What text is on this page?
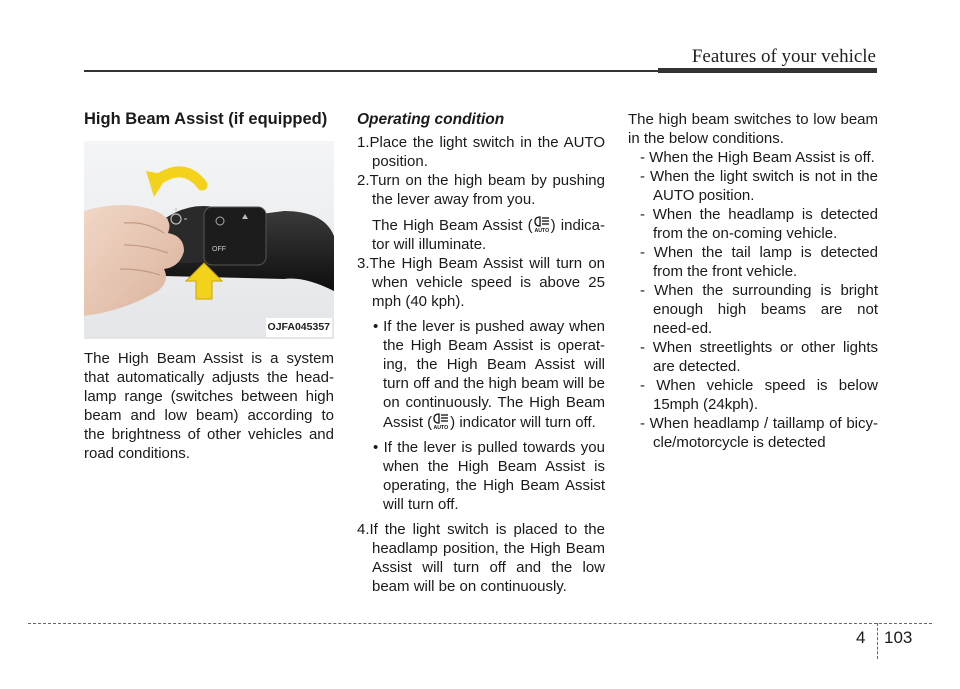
Features of your vehicle
High Beam Assist (if equipped)
OFF
OJFA045357

The High Beam Assist is a system that automatically adjusts the head-lamp range (switches between high beam and low beam) according to the brightness of other vehicles and road conditions.

Operating condition

1.Place the light switch in the AUTO position.

2.Turn on the high beam by pushing the lever away from you.

The High Beam Assist ( AUTO ) indica-tor will illuminate.

3.The High Beam Assist will turn on when vehicle speed is above 25 mph (40 kph).

• If the lever is pushed away when the High Beam Assist is operat-ing, the High Beam Assist will turn off and the high beam will be on continuously. The High Beam Assist ( AUTO ) indicator will turn off.

• If the lever is pulled towards you when the High Beam Assist is operating, the High Beam Assist will turn off.

4.If the light switch is placed to the headlamp position, the High Beam Assist will turn off and the low beam will be on continuously.

The high beam switches to low beam in the below conditions.

- When the High Beam Assist is off.

- When the light switch is not in the AUTO position.

- When the headlamp is detected from the on-coming vehicle.

- When the tail lamp is detected from the front vehicle.

- When the surrounding is bright enough high beams are not need-ed.

- When streetlights or other lights are detected.

- When vehicle speed is below 15mph (24kph).

- When headlamp / taillamp of bicy-cle/motorcycle is detected

4 103
